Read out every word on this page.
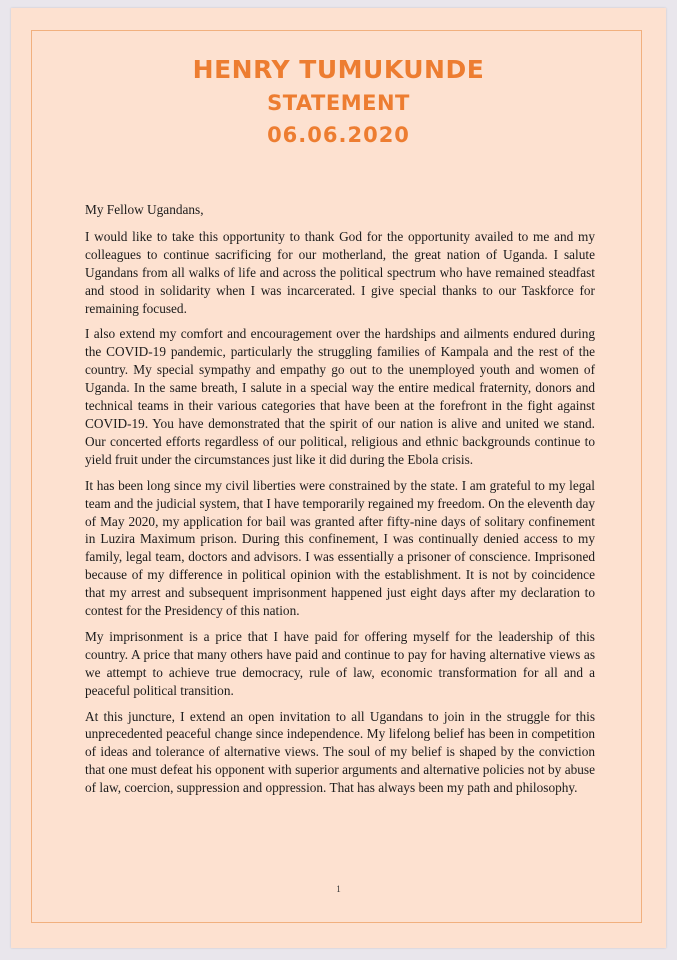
HENRY TUMUKUNDE
STATEMENT
06.06.2020

My Fellow Ugandans,

I would like to take this opportunity to thank God for the opportunity availed to me and my colleagues to continue sacrificing for our motherland, the great nation of Uganda. I salute Ugandans from all walks of life and across the political spectrum who have remained steadfast and stood in solidarity when I was incarcerated. I give special thanks to our Taskforce for remaining focused.

I also extend my comfort and encouragement over the hardships and ailments endured during the COVID-19 pandemic, particularly the struggling families of Kampala and the rest of the country. My special sympathy and empathy go out to the unemployed youth and women of Uganda. In the same breath, I salute in a special way the entire medical fraternity, donors and technical teams in their various categories that have been at the forefront in the fight against COVID-19. You have demonstrated that the spirit of our nation is alive and united we stand. Our concerted efforts regardless of our political, religious and ethnic backgrounds continue to yield fruit under the circumstances just like it did during the Ebola crisis.

It has been long since my civil liberties were constrained by the state. I am grateful to my legal team and the judicial system, that I have temporarily regained my freedom. On the eleventh day of May 2020, my application for bail was granted after fifty-nine days of solitary confinement in Luzira Maximum prison. During this confinement, I was continually denied access to my family, legal team, doctors and advisors. I was essentially a prisoner of conscience. Imprisoned because of my difference in political opinion with the establishment. It is not by coincidence that my arrest and subsequent imprisonment happened just eight days after my declaration to contest for the Presidency of this nation.

My imprisonment is a price that I have paid for offering myself for the leadership of this country. A price that many others have paid and continue to pay for having alternative views as we attempt to achieve true democracy, rule of law, economic transformation for all and a peaceful political transition.

At this juncture, I extend an open invitation to all Ugandans to join in the struggle for this unprecedented peaceful change since independence. My lifelong belief has been in competition of ideas and tolerance of alternative views. The soul of my belief is shaped by the conviction that one must defeat his opponent with superior arguments and alternative policies not by abuse of law, coercion, suppression and oppression. That has always been my path and philosophy.

1
